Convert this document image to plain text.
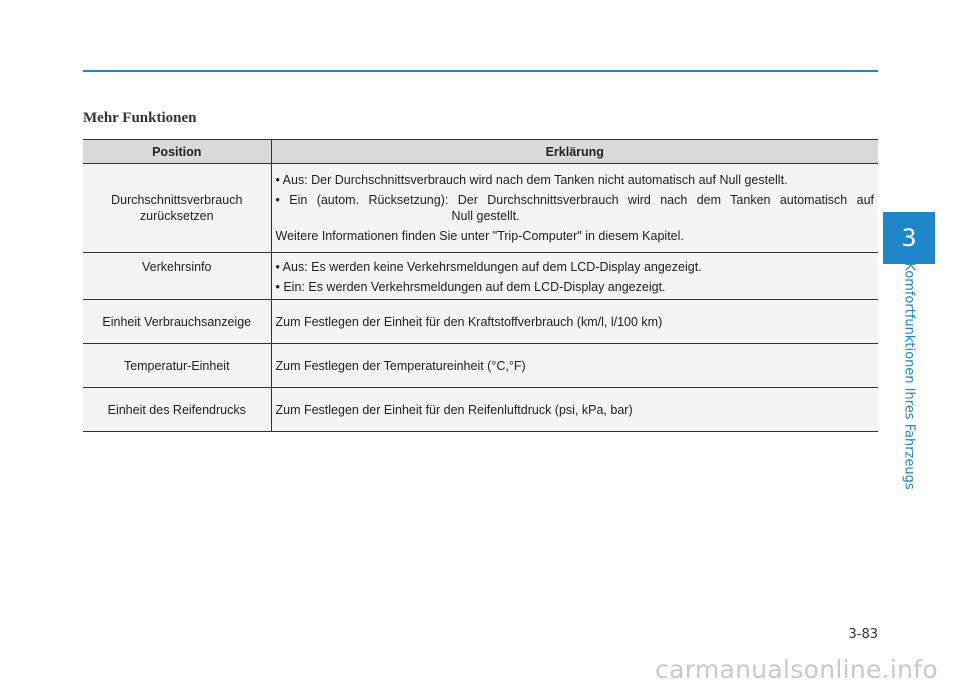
Mehr Funktionen
Position	Erklärung
Durchschnittsverbrauch zurücksetzen	• Aus: Der Durchschnittsverbrauch wird nach dem Tanken nicht automatisch auf Null gestellt.
• Ein (autom. Rücksetzung): Der Durchschnittsverbrauch wird nach dem Tanken automatisch auf
Null gestellt.
Weitere Informationen finden Sie unter "Trip-Computer" in diesem Kapitel.

Verkehrsinfo	• Aus: Es werden keine Verkehrsmeldungen auf dem LCD-Display angezeigt.
• Ein: Es werden Verkehrsmeldungen auf dem LCD-Display angezeigt.

Einheit Verbrauchsanzeige	Zum Festlegen der Einheit für den Kraftstoffverbrauch (km/l, l/100 km)
Temperatur-Einheit	Zum Festlegen der Temperatureinheit (°C,°F)
Einheit des Reifendrucks	Zum Festlegen der Einheit für den Reifenluftdruck (psi, kPa, bar)
3
Komfortfunktionen Ihres Fahrzeugs
3-83
carmanualsonline.info
